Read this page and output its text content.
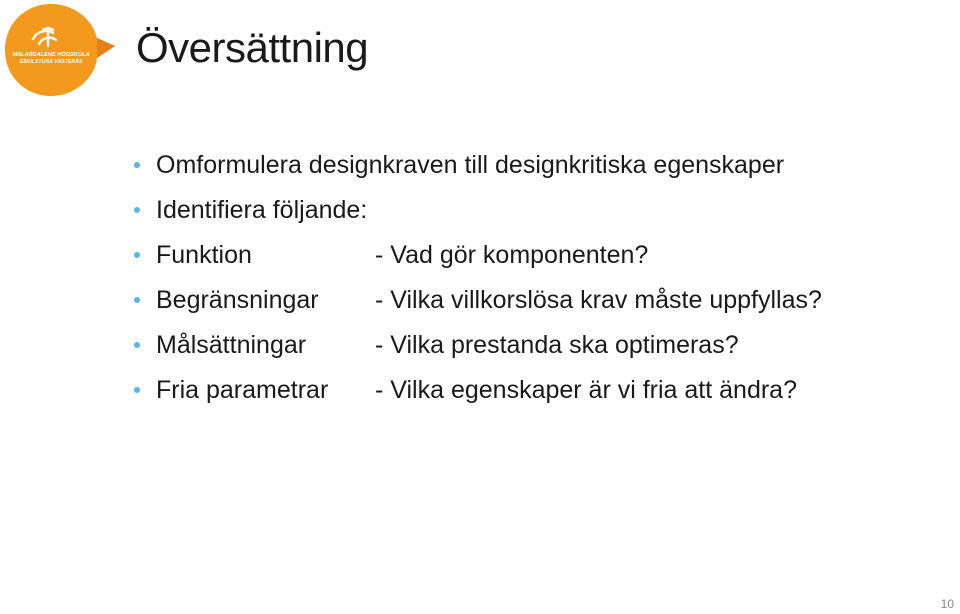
MÄLARDALENS HÖGSKOLA
ESKILSTUNA VÄSTERÅS Översättning
Omformulera designkraven till designkritiska egenskaper
Identifiera följande:
Funktion	- Vad gör komponenten?
Begränsningar	- Vilka villkorslösa krav måste uppfyllas?
Målsättningar	- Vilka prestanda ska optimeras?
Fria parametrar	- Vilka egenskaper är vi fria att ändra?
10
